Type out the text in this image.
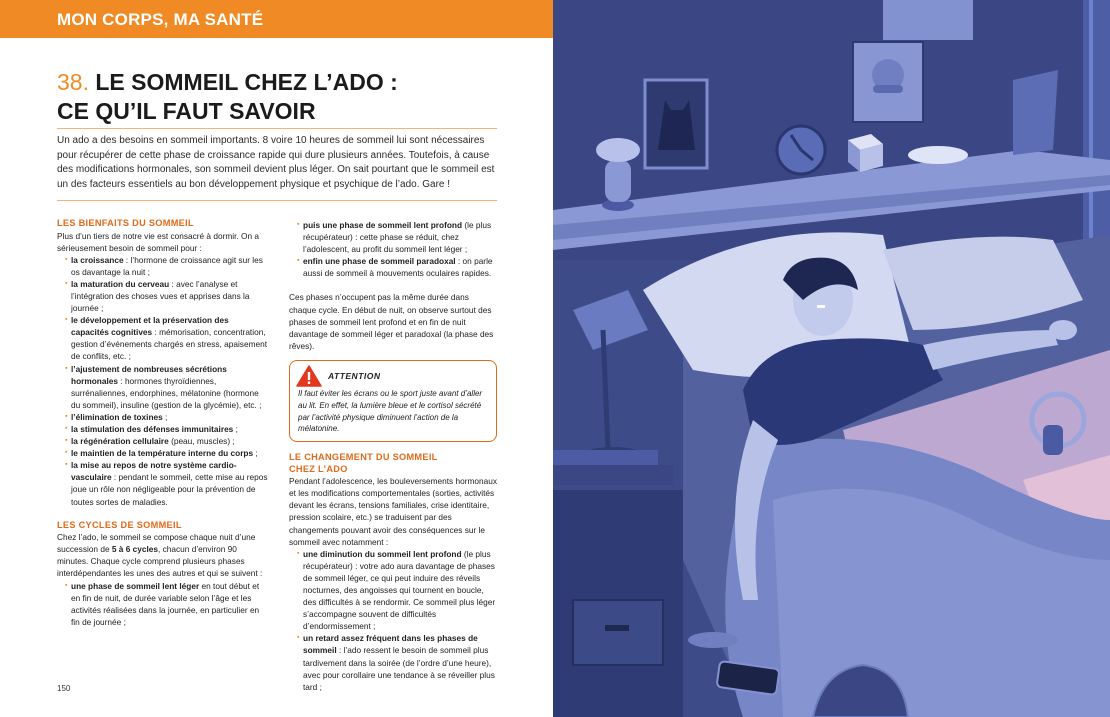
MON CORPS, MA SANTÉ
38. LE SOMMEIL CHEZ L’ADO :
CE QU’IL FAUT SAVOIR

Un ado a des besoins en sommeil importants. 8 voire 10 heures de sommeil lui sont nécessaires pour récupérer de cette phase de croissance rapide qui dure plusieurs années. Toutefois, à cause des modifications hormonales, son sommeil devient plus léger. On sait pourtant que le sommeil est un des facteurs essentiels au bon développement physique et psychique de l’ado. Gare !

LES BIENFAITS DU SOMMEIL

Plus d’un tiers de notre vie est consacré à dormir. On a sérieusement besoin de sommeil pour :

▪ la croissance : l’hormone de croissance agit sur les os davantage la nuit ;
▪ la maturation du cerveau : avec l’analyse et l’intégration des choses vues et apprises dans la journée ;
▪ le développement et la préservation des capacités cognitives : mémorisation, concentration, gestion d’événements chargés en stress, apaisement de conflits, etc. ;
▪ l’ajustement de nombreuses sécrétions hormonales : hormones thyroïdiennes, surrénaliennes, endorphines, mélatonine (hormone du sommeil), insuline (gestion de la glycémie), etc. ;
▪ l’élimination de toxines ;
▪ la stimulation des défenses immunitaires ;
▪ la régénération cellulaire (peau, muscles) ;
▪ le maintien de la température interne du corps ;
▪ la mise au repos de notre système cardio-vasculaire : pendant le sommeil, cette mise au repos joue un rôle non négligeable pour la prévention de toutes sortes de maladies.
LES CYCLES DE SOMMEIL

Chez l’ado, le sommeil se compose chaque nuit d’une succession de 5 à 6 cycles, chacun d’environ 90 minutes. Chaque cycle comprend plusieurs phases interdépendantes les unes des autres et qui se suivent :

▪ une phase de sommeil lent léger en tout début et en fin de nuit, de durée variable selon l’âge et les activités réalisées dans la journée, en particulier en fin de journée ;
▪ puis une phase de sommeil lent profond (le plus récupérateur) : cette phase se réduit, chez l’adolescent, au profit du sommeil lent léger ;
▪ enfin une phase de sommeil paradoxal : on parle aussi de sommeil à mouvements oculaires rapides.

Ces phases n’occupent pas la même durée dans chaque cycle. En début de nuit, on observe surtout des phases de sommeil lent profond et en fin de nuit davantage de sommeil léger et paradoxal (la phase des rêves).

ATTENTION

Il faut éviter les écrans ou le sport juste avant d’aller au lit. En effet, la lumière bleue et le cortisol sécrété par l’activité physique diminuent l’action de la mélatonine.

LE CHANGEMENT DU SOMMEIL
CHEZ L’ADO

Pendant l’adolescence, les bouleversements hormonaux et les modifications comportementales (sorties, activités devant les écrans, tensions familiales, crise identitaire, pression scolaire, etc.) se traduisent par des changements pouvant avoir des conséquences sur le sommeil avec notamment :

▪ une diminution du sommeil lent profond (le plus récupérateur) : votre ado aura davantage de phases de sommeil léger, ce qui peut induire des réveils nocturnes, des angoisses qui tournent en boucle, des difficultés à se rendormir. Ce sommeil plus léger s’accompagne souvent de difficultés d’endormissement ;
▪ un retard assez fréquent dans les phases de sommeil : l’ado ressent le besoin de sommeil plus tardivement dans la soirée (de l’ordre d’une heure), avec pour corollaire une tendance à se réveiller plus tard ;
150
